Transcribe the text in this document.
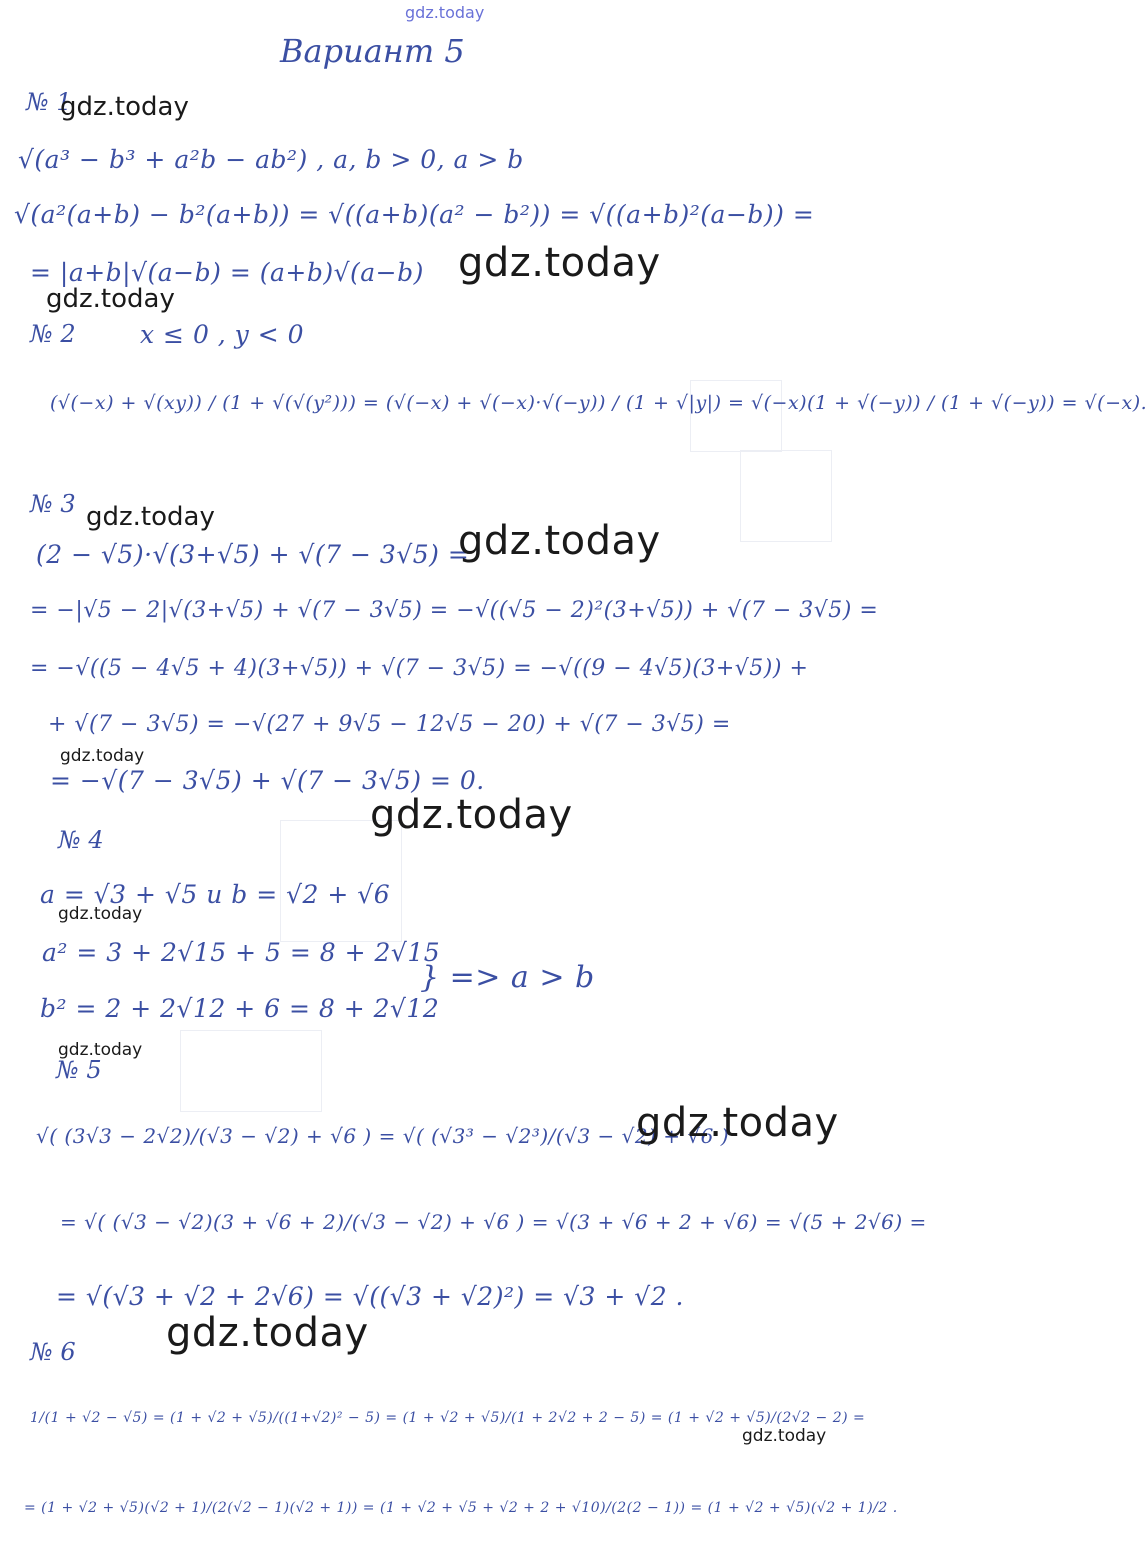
gdz.today
Вариант 5
№ 1
gdz.today
√(a³ − b³ + a²b − ab²) , a, b > 0, a > b
√(a²(a+b) − b²(a+b)) = √((a+b)(a² − b²)) = √((a+b)²(a−b)) =
= |a+b|√(a−b) = (a+b)√(a−b) gdz.today
gdz.today
№ 2	x ≤ 0 , y < 0
(√(−x) + √(xy)) / (1 + √(√(y²))) = (√(−x) + √(−x)·√(−y)) / (1 + √|y|) = √(−x)(1 + √(−y)) / (1 + √(−y)) = √(−x).
№ 3 gdz.today
(2 − √5)·√(3+√5) + √(7 − 3√5) =
gdz.today
= −|√5 − 2|√(3+√5) + √(7 − 3√5) = −√((√5 − 2)²(3+√5)) + √(7 − 3√5) =
= −√((5 − 4√5 + 4)(3+√5)) + √(7 − 3√5) = −√((9 − 4√5)(3+√5)) +
+ √(7 − 3√5) = −√(27 + 9√5 − 12√5 − 20) + √(7 − 3√5) =
gdz.today
= −√(7 − 3√5) + √(7 − 3√5) = 0.
gdz.today
№ 4
a = √3 + √5 и b = √2 + √6
gdz.today
a² = 3 + 2√15 + 5 = 8 + 2√15
b² = 2 + 2√12 + 6 = 8 + 2√12
} => a > b
gdz.today
№ 5
√( (3√3 − 2√2)/(√3 − √2) + √6 ) = √( (√3³ − √2³)/(√3 − √2) + √6 )
gdz.today
= √( (√3 − √2)(3 + √6 + 2)/(√3 − √2) + √6 ) = √(3 + √6 + 2 + √6) = √(5 + 2√6) =
= √(√3 + √2 + 2√6) = √((√3 + √2)²) = √3 + √2 .
gdz.today
№ 6
1/(1 + √2 − √5) = (1 + √2 + √5)/((1+√2)² − 5) = (1 + √2 + √5)/(1 + 2√2 + 2 − 5) = (1 + √2 + √5)/(2√2 − 2) =
gdz.today
= (1 + √2 + √5)(√2 + 1)/(2(√2 − 1)(√2 + 1)) = (1 + √2 + √5 + √2 + 2 + √10)/(2(2 − 1)) = (1 + √2 + √5)(√2 + 1)/2 .
